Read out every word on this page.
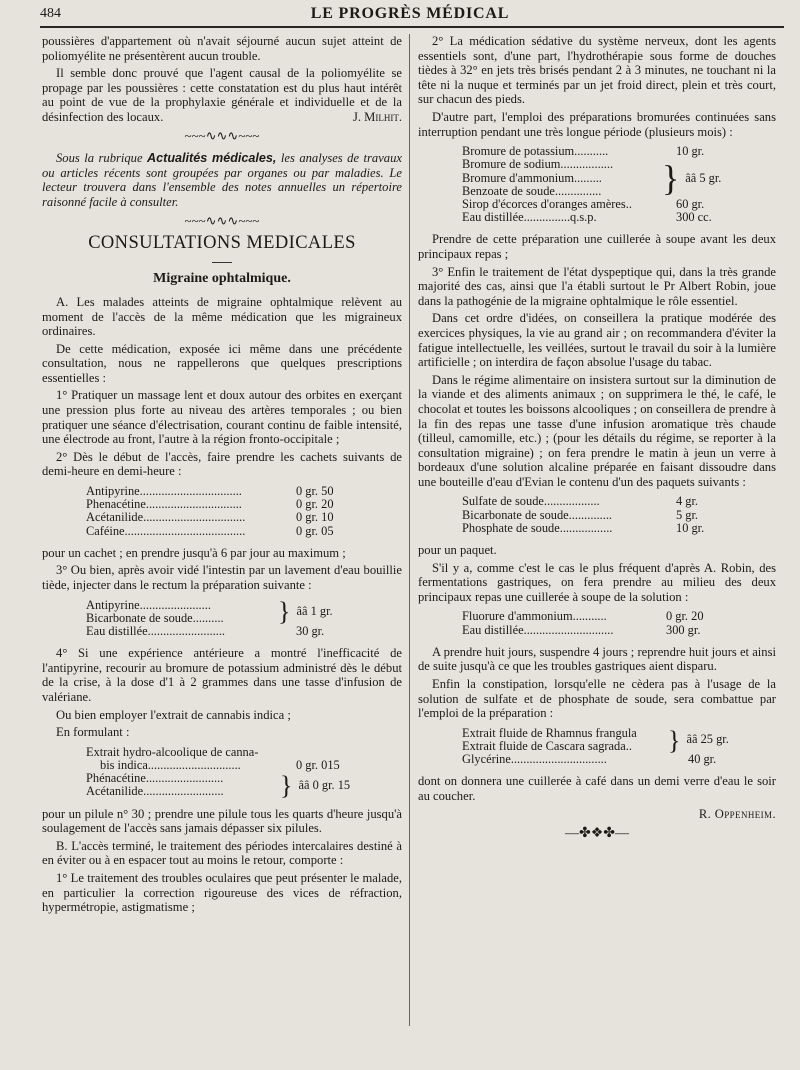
484	LE PROGRÈS MÉDICAL

poussières d'appartement où n'avait séjourné aucun sujet atteint de poliomyélite ne présentèrent aucun trouble.

Il semble donc prouvé que l'agent causal de la poliomyélite se propage par les poussières : cette constatation est du plus haut intérêt au point de vue de la prophylaxie générale et individuelle et de la désinfection des locaux.	J. Milhit.

~~~∿∿∿~~~

Sous la rubrique Actualités médicales, les analyses de travaux ou articles récents sont groupées par organes ou par maladies. Le lecteur trouvera dans l'ensemble des notes annuelles un répertoire raisonné facile à consulter.

~~~∿∿∿~~~
CONSULTATIONS MEDICALES
Migraine ophtalmique.

A. Les malades atteints de migraine ophtalmique relèvent au moment de l'accès de la même médication que les migraineux ordinaires.

De cette médication, exposée ici même dans une précédente consultation, nous ne rappellerons que quelques prescriptions essentielles :

1° Pratiquer un massage lent et doux autour des orbites en exerçant une pression plus forte au niveau des artères temporales ; ou bien pratiquer une séance d'électrisation, courant continu de faible intensité, une électrode au front, l'autre à la région fronto-occipitale ;

2° Dès le début de l'accès, faire prendre les cachets suivants de demi-heure en demi-heure :

Antipyrine.................................	0 gr. 50
Phenacétine...............................	0 gr. 20
Acétanilide.................................	0 gr. 10
Caféine.......................................	0 gr. 05

pour un cachet ; en prendre jusqu'à 6 par jour au maximum ;

3° Ou bien, après avoir vidé l'intestin par un lavement d'eau bouillie tiède, injecter dans le rectum la préparation suivante :

Antipyrine.......................
Bicarbonate de soude..........	} ââ 1 gr.
Eau distillée.........................	30 gr.

4° Si une expérience antérieure a montré l'inefficacité de l'antipyrine, recourir au bromure de potassium administré dès le début de la crise, à la dose d'1 à 2 grammes dans une tasse d'infusion de valériane.

Ou bien employer l'extrait de cannabis indica ;

En formulant :

Extrait hydro-alcoolique de canna-
bis indica..............................	0 gr. 015
Phénacétine.........................
Acétanilide..........................	} ââ 0 gr. 15

pour un pilule n° 30 ; prendre une pilule tous les quarts d'heure jusqu'à soulagement de l'accès sans jamais dépasser six pilules.

B. L'accès terminé, le traitement des périodes intercalaires destiné à en éviter ou à en espacer tout au moins le retour, comporte :

1° Le traitement des troubles oculaires que peut présenter le malade, en particulier la correction rigoureuse des vices de réfraction, hypermétropie, astigmatisme ;

2° La médication sédative du système nerveux, dont les agents essentiels sont, d'une part, l'hydrothérapie sous forme de douches tièdes à 32° en jets très brisés pendant 2 à 3 minutes, ne touchant ni la tête ni la nuque et terminés par un jet froid direct, plein et très court, sur chacun des pieds.

D'autre part, l'emploi des préparations bromurées continuées sans interruption pendant une très longue période (plusieurs mois) :

Bromure de potassium...........	10 gr.
Bromure de sodium.................
Bromure d'ammonium.........
Benzoate de soude...............	} ââ 5 gr.
Sirop d'écorces d'oranges amères..	60 gr.
Eau distillée...............q.s.p.	300 cc.

Prendre de cette préparation une cuillerée à soupe avant les deux principaux repas ;

3° Enfin le traitement de l'état dyspeptique qui, dans la très grande majorité des cas, ainsi que l'a établi surtout le Pr Albert Robin, joue dans la pathogénie de la migraine ophtalmique le rôle essentiel.

Dans cet ordre d'idées, on conseillera la pratique modérée des exercices physiques, la vie au grand air ; on recommandera d'éviter la fatigue intellectuelle, les veillées, surtout le travail du soir à la lumière artificielle ; on interdira de façon absolue l'usage du tabac.

Dans le régime alimentaire on insistera surtout sur la diminution de la viande et des aliments animaux ; on supprimera le thé, le café, le chocolat et toutes les boissons alcooliques ; on conseillera de prendre à la fin des repas une tasse d'une infusion aromatique très chaude (tilleul, camomille, etc.) ; (pour les détails du régime, se reporter à la consultation migraine) ; on fera prendre le matin à jeun un verre à bordeaux d'une solution alcaline préparée en faisant dissoudre dans une bouteille d'eau d'Evian le contenu d'un des paquets suivants :

Sulfate de soude..................	4 gr.
Bicarbonate de soude..............	5 gr.
Phosphate de soude.................	10 gr.

pour un paquet.

S'il y a, comme c'est le cas le plus fréquent d'après A. Robin, des fermentations gastriques, on fera prendre au milieu des deux principaux repas une cuillerée à soupe de la solution :

Fluorure d'ammonium...........	0 gr. 20
Eau distillée.............................	300 gr.

A prendre huit jours, suspendre 4 jours ; reprendre huit jours et ainsi de suite jusqu'à ce que les troubles gastriques aient disparu.

Enfin la constipation, lorsqu'elle ne cèdera pas à l'usage de la solution de sulfate et de phosphate de soude, sera combattue par l'emploi de la préparation :

Extrait fluide de Rhamnus frangula
Extrait fluide de Cascara sagrada..	} ââ 25 gr.
Glycérine...............................	40 gr.

dont on donnera une cuillerée à café dans un demi verre d'eau le soir au coucher.

R. Oppenheim.

—✤❖✤—
